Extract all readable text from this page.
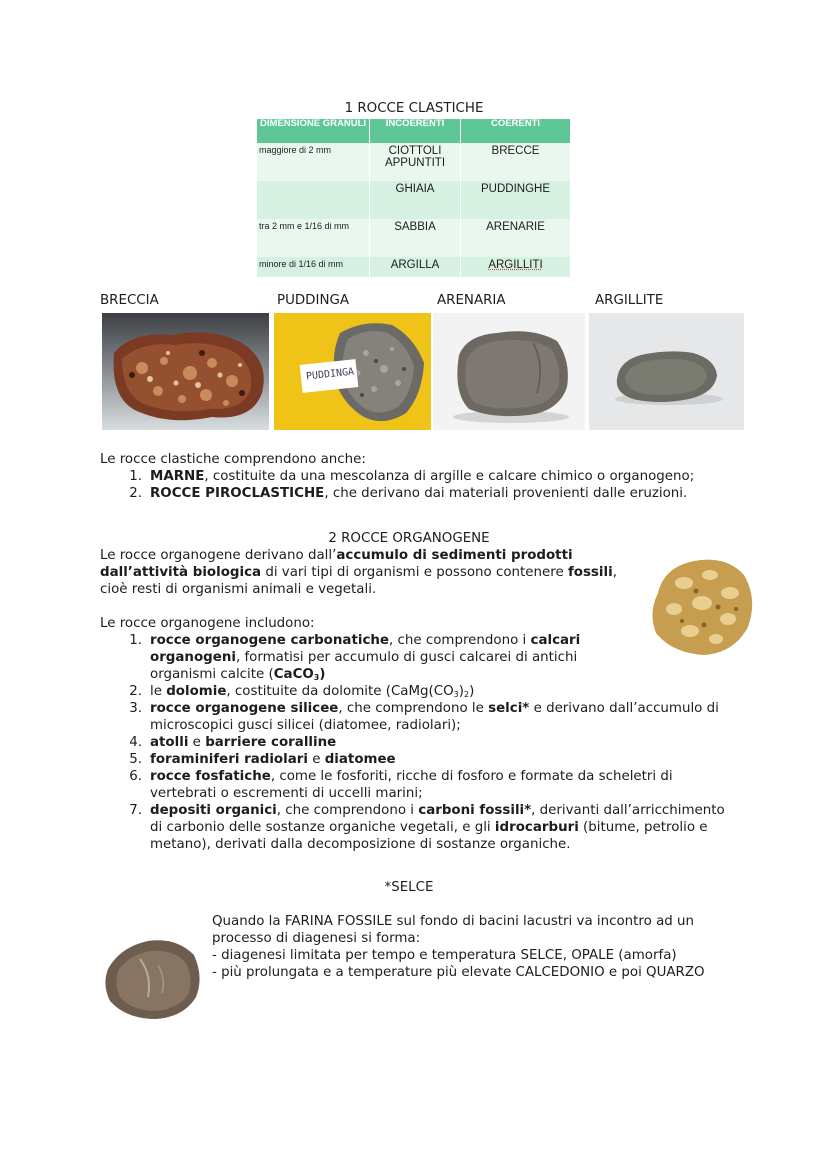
1 ROCCE CLASTICHE
DIMENSIONE GRANULI	INCOERENTI	COERENTI
maggiore di 2 mm	CIOTTOLI APPUNTITI	BRECCE
	GHIAIA	PUDDINGHE
tra 2 mm e 1/16 di mm	SABBIA	ARENARIE
minore di 1/16 di mm	ARGILLA	ARGILLITI
BRECCIA	PUDDINGA	ARENARIA	ARGILLITE
PUDDINGA
Le rocce clastiche comprendono anche:
1. MARNE, costituite da una mescolanza di argille e calcare chimico o organogeno;
2. ROCCE PIROCLASTICHE, che derivano dai materiali provenienti dalle eruzioni.
2 ROCCE ORGANOGENE
Le rocce organogene derivano dall’accumulo di sedimenti prodotti
dall’attività biologica di vari tipi di organismi e possono contenere fossili,
cioè resti di organismi animali e vegetali.
Le rocce organogene includono:
1. rocce organogene carbonatiche, che comprendono i calcari
organogeni, formatisi per accumulo di gusci calcarei di antichi
organismi calcite (CaCO$_3$)
2. le dolomie, costituite da dolomite $(CaMg(CO_3)_2)$
3. rocce organogene silicee, che comprendono le selci* e derivano dall’accumulo di
microscopici gusci silicei (diatomee, radiolari);
4. atolli e barriere coralline
5. foraminiferi radiolari e diatomee
6. rocce fosfatiche, come le fosforiti, ricche di fosforo e formate da scheletri di
vertebrati o escrementi di uccelli marini;
7. depositi organici, che comprendono i carboni fossili*, derivanti dall’arricchimento
di carbonio delle sostanze organiche vegetali, e gli idrocarburi (bitume, petrolio e
metano), derivati dalla decomposizione di sostanze organiche.
*SELCE
Quando la FARINA FOSSILE sul fondo di bacini lacustri va incontro ad un
processo di diagenesi si forma:
- diagenesi limitata per tempo e temperatura SELCE, OPALE (amorfa)
- più prolungata e a temperature più elevate CALCEDONIO e poi QUARZO
